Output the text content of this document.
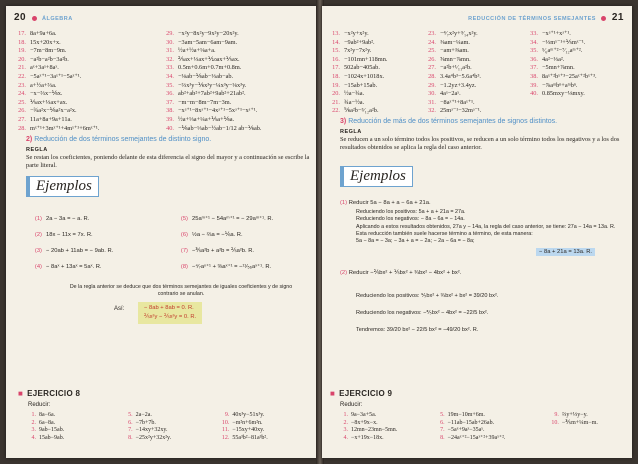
20	ÁLGEBRA
17. 8a+9a+6a.
18. 15x+20x+x.
19. −7m−8m−9m.
20. −a²b−a²b−3a²b.
21. aˣ+3aˣ+8aˣ.
22. −5aˣ⁺¹−3aˣ⁺¹−5aˣ⁺¹.
23. a+½a+⅔a.
24. −x−⅔x−⅙x.
25. ⅕ax+⅓ax+ax.
26. −¾a²x−⅙a²x−a²x.
27. 11a+8a+9a+11a.
28. mˣ⁺¹+3mˣ⁺¹+4mˣ⁺¹+6mˣ⁺¹.
29. −x²y−8x²y−9x²y−20x²y.
30. −3am−5am−6am−9am.
31. ½a+½a+⅛a+a.
32. ⅖ax+⅓ax+⅒ax+⅕ax.
33. 0.5m+0.6m+0.7m+0.8m.
34. −⅛ab−⅙ab−⅓ab−ab.
35. −⅔x³y−⅙x³y−¼x³y−⅛x³y.
36. ab²+ab²+7ab²+9ab²+21ab².
37. −m−m−8m−7m−3m.
38. −xᵃ⁺¹−8xᵃ⁺¹−4xᵃ⁺¹−5xᵃ⁺¹−xᵃ⁺¹.
39. ½a+⅓a+¼a+⅕a+⅙a.
40. −⅙ab−⅓ab−½ab−1/12 ab−⅙ab.
2) Reducción de dos términos semejantes de distinto signo.
REGLA
Se restan los coeficientes, poniendo delante de esta diferencia el signo del mayor y a continuación se escribe la parte literal.
Ejemplos
(1) 2a − 3a = − a. R.
(2) 18x − 11x = 7x. R.
(3) − 20ab + 11ab = − 9ab. R.
(4) − 8aˣ + 13aˣ = 5aˣ. R.
(5) 25aᵐ⁺¹ − 54aᵐ⁺¹ = − 29aᵐ⁺¹. R.
(6) ½a − ⅔a = −⅙a. R.
(7) −⅗a²b + a²b = ⅖a²b. R.
(8) −⁴⁄₇aˣ⁺¹ + ⅜aˣ⁺¹ = −¹¹⁄₅₆aˣ⁺¹. R.
De la regla anterior se deduce que dos términos semejantes de iguales coeficientes y de signo contrario se anulan.
Así:	− 8ab + 8ab = 0. R.
⅖x²y − ⅖x²y = 0. R.
■ EJERCICIO 8
Reducir:
1. 8a−6a.
2. 6a−8a.
3. 9ab−15ab.
4. 15ab−9ab.
5. 2a−2a.
6. −7b+7b.
7. −14xy+32xy.
8. −25x²y+32x²y.
9. 40x³y−51x³y.
10. −m²n+6m²n.
11. −15xy+40xy.
12. 55a³b²−81a³b².
REDUCCIÓN DE TÉRMINOS SEMEJANTES 21
13. −x²y+x²y.
14. −9ab²+9ab².
15. 7x²y−7x²y.
16. −101mn+118mn.
17. 502ab−405ab.
18. −1024x+1018x.
19. −15ab+15ab.
20. ½a−¾a.
21. ¾a−½a.
22. ⅚a²b−⁵⁄₁₂a²b.
23. −⁴⁄₇x²y+⁹⁄₁₄x²y.
24. ⅜am−¼am.
25. −am+⅜am.
26. ⅝mn−⅞mn.
27. −a²b+¹⁄₁₁a²b.
28. 3.4a⁴b³−5.6a⁴b³.
29. −1.2yz+3.4yz.
30. 4aˣ−2aˣ.
31. −8aˣ⁺¹+8aˣ⁺¹.
32. 25mᵃ⁻¹−32mᵃ⁻¹.
33. −xᵃ⁺¹+xᵃ⁺¹.
34. −⅓mˣ⁻¹+⅕mˣ⁻¹.
35. ⁵⁄₆aᵐ⁺²−⁷⁄₁₂aᵐ⁺².
36. 4a²−⅓a².
37. −5mn+⅞mn.
38. 8aˣ⁺²bˣ⁺³−25aˣ⁺²bˣ⁺³.
39. −⅞aᵐbⁿ+aᵐbⁿ.
40. 0.85mxy−⅛mxy.
3) Reducción de más de dos términos semejantes de signos distintos.
REGLA
Se reducen a un solo término todos los positivos, se reducen a un solo término todos los negativos y a los dos resultados obtenidos se aplica la regla del caso anterior.
Ejemplos
(1) Reducir 5a − 8a + a − 6a + 21a.
Reduciendo los positivos: 5a + a + 21a = 27a.
Reduciendo los negativos: − 8a − 6a = − 14a.
Aplicando a estos resultados obtenidos, 27a y − 14a, la regla del caso anterior, se tiene: 27a − 14a = 13a. R.
Esta reducción también suele hacerse término a término, de esta manera:
5a − 8a = − 3a; − 3a + a = − 2a; − 2a − 6a = − 8a;
− 8a + 21a = 13a. R.
(2) Reducir −⅖bx² + ⅕bx² + ¾bx² − 4bx² + bx².
Reduciendo los positivos: ⅕bx² + ¾bx² + bx² = 39/20 bx².
Reduciendo los negativos: −⅖bx² − 4bx² = −22/5 bx².
Tendremos: 39/20 bx² − 22/5 bx² = −49/20 bx². R.
■ EJERCICIO 9
Reducir:
1. 9a−3a+5a.
2. −8x+9x−x.
3. 12mn−23mn−5mn.
4. −x+19x−18x.
5. 19m−10m+6m.
6. −11ab−15ab+26ab.
7. −5aˣ+9aˣ−35aˣ.
8. −24aˣ⁺²−15aˣ⁺²+39aˣ⁺².
9. ⅔y+⅓y−y.
10. −⅗m+¼m−m.
